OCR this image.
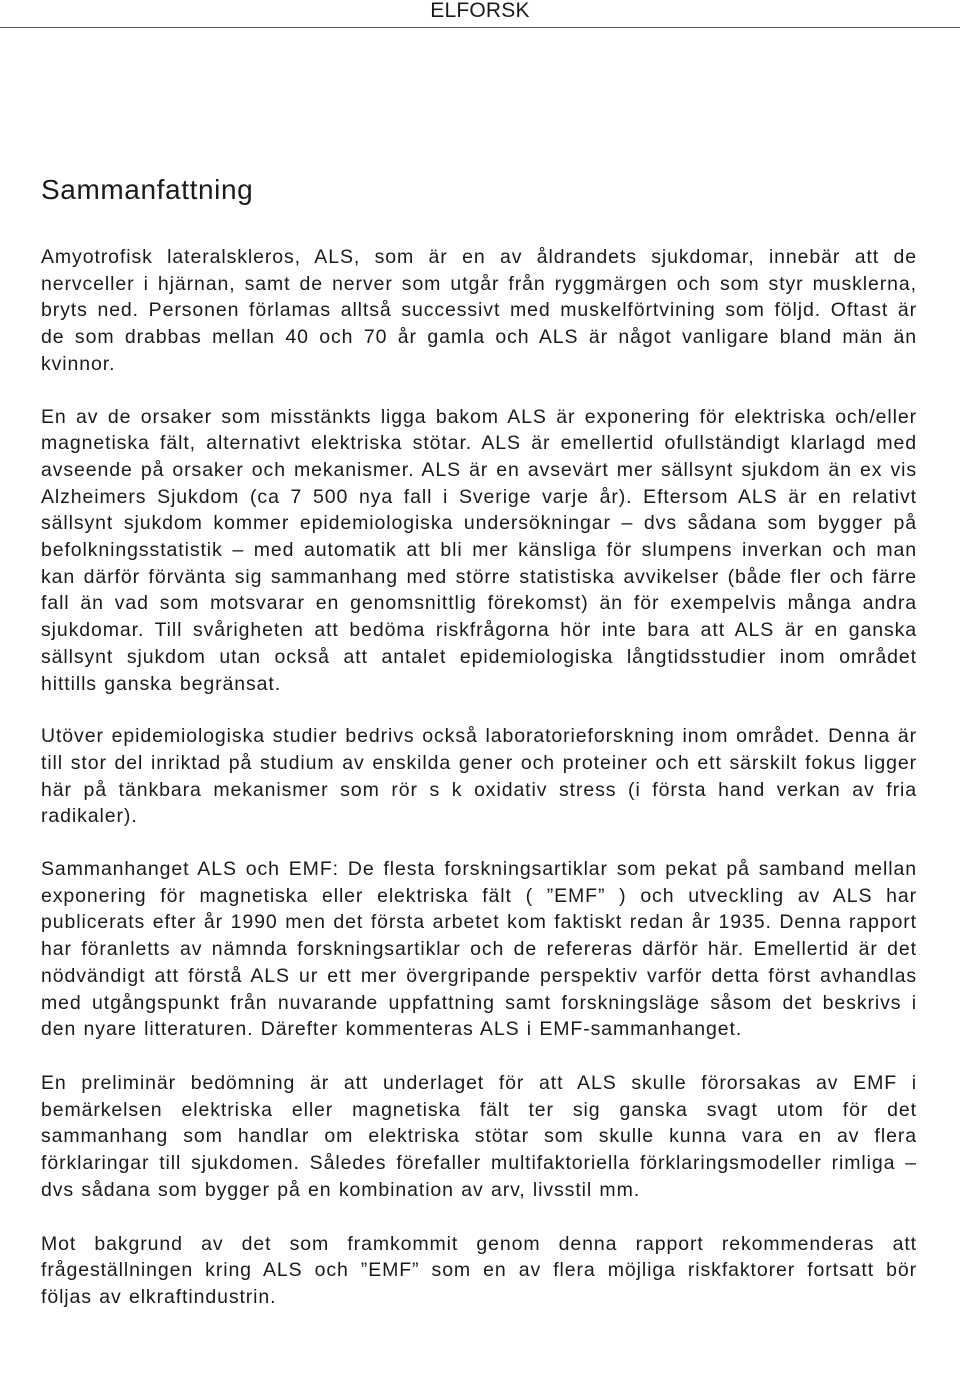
ELFORSK
Sammanfattning

Amyotrofisk lateralskleros, ALS, som är en av åldrandets sjukdomar, innebär att de nervceller i hjärnan, samt de nerver som utgår från ryggmärgen och som styr musklerna, bryts ned. Personen förlamas alltså successivt med muskelförtvining som följd. Oftast är de som drabbas mellan 40 och 70 år gamla och ALS är något vanligare bland män än kvinnor.

En av de orsaker som misstänkts ligga bakom ALS är exponering för elektriska och/eller magnetiska fält, alternativt elektriska stötar. ALS är emellertid ofullständigt klarlagd med avseende på orsaker och mekanismer. ALS är en avsevärt mer sällsynt sjukdom än ex vis Alzheimers Sjukdom (ca 7 500 nya fall i Sverige varje år). Eftersom ALS är en relativt sällsynt sjukdom kommer epidemiologiska undersökningar – dvs sådana som bygger på befolkningsstatistik – med automatik att bli mer känsliga för slumpens inverkan och man kan därför förvänta sig sammanhang med större statistiska avvikelser (både fler och färre fall än vad som motsvarar en genomsnittlig förekomst) än för exempelvis många andra sjukdomar. Till svårigheten att bedöma riskfrågorna hör inte bara att ALS är en ganska sällsynt sjukdom utan också att antalet epidemiologiska långtidsstudier inom området hittills ganska begränsat.

Utöver epidemiologiska studier bedrivs också laboratorieforskning inom området. Denna är till stor del inriktad på studium av enskilda gener och proteiner och ett särskilt fokus ligger här på tänkbara mekanismer som rör s k oxidativ stress (i första hand verkan av fria radikaler).

Sammanhanget ALS och EMF: De flesta forskningsartiklar som pekat på samband mellan exponering för magnetiska eller elektriska fält ( ”EMF” ) och utveckling av ALS har publicerats efter år 1990 men det första arbetet kom faktiskt redan år 1935. Denna rapport har föranletts av nämnda forskningsartiklar och de refereras därför här. Emellertid är det nödvändigt att förstå ALS ur ett mer övergripande perspektiv varför detta först avhandlas med utgångspunkt från nuvarande uppfattning samt forskningsläge såsom det beskrivs i den nyare litteraturen. Därefter kommenteras ALS i EMF-sammanhanget.

En preliminär bedömning är att underlaget för att ALS skulle förorsakas av EMF i bemärkelsen elektriska eller magnetiska fält ter sig ganska svagt utom för det sammanhang som handlar om elektriska stötar som skulle kunna vara en av flera förklaringar till sjukdomen. Således förefaller multifaktoriella förklaringsmodeller rimliga – dvs sådana som bygger på en kombination av arv, livsstil mm.

Mot bakgrund av det som framkommit genom denna rapport rekommenderas att frågeställningen kring ALS och ”EMF” som en av flera möjliga riskfaktorer fortsatt bör följas av elkraftindustrin.
